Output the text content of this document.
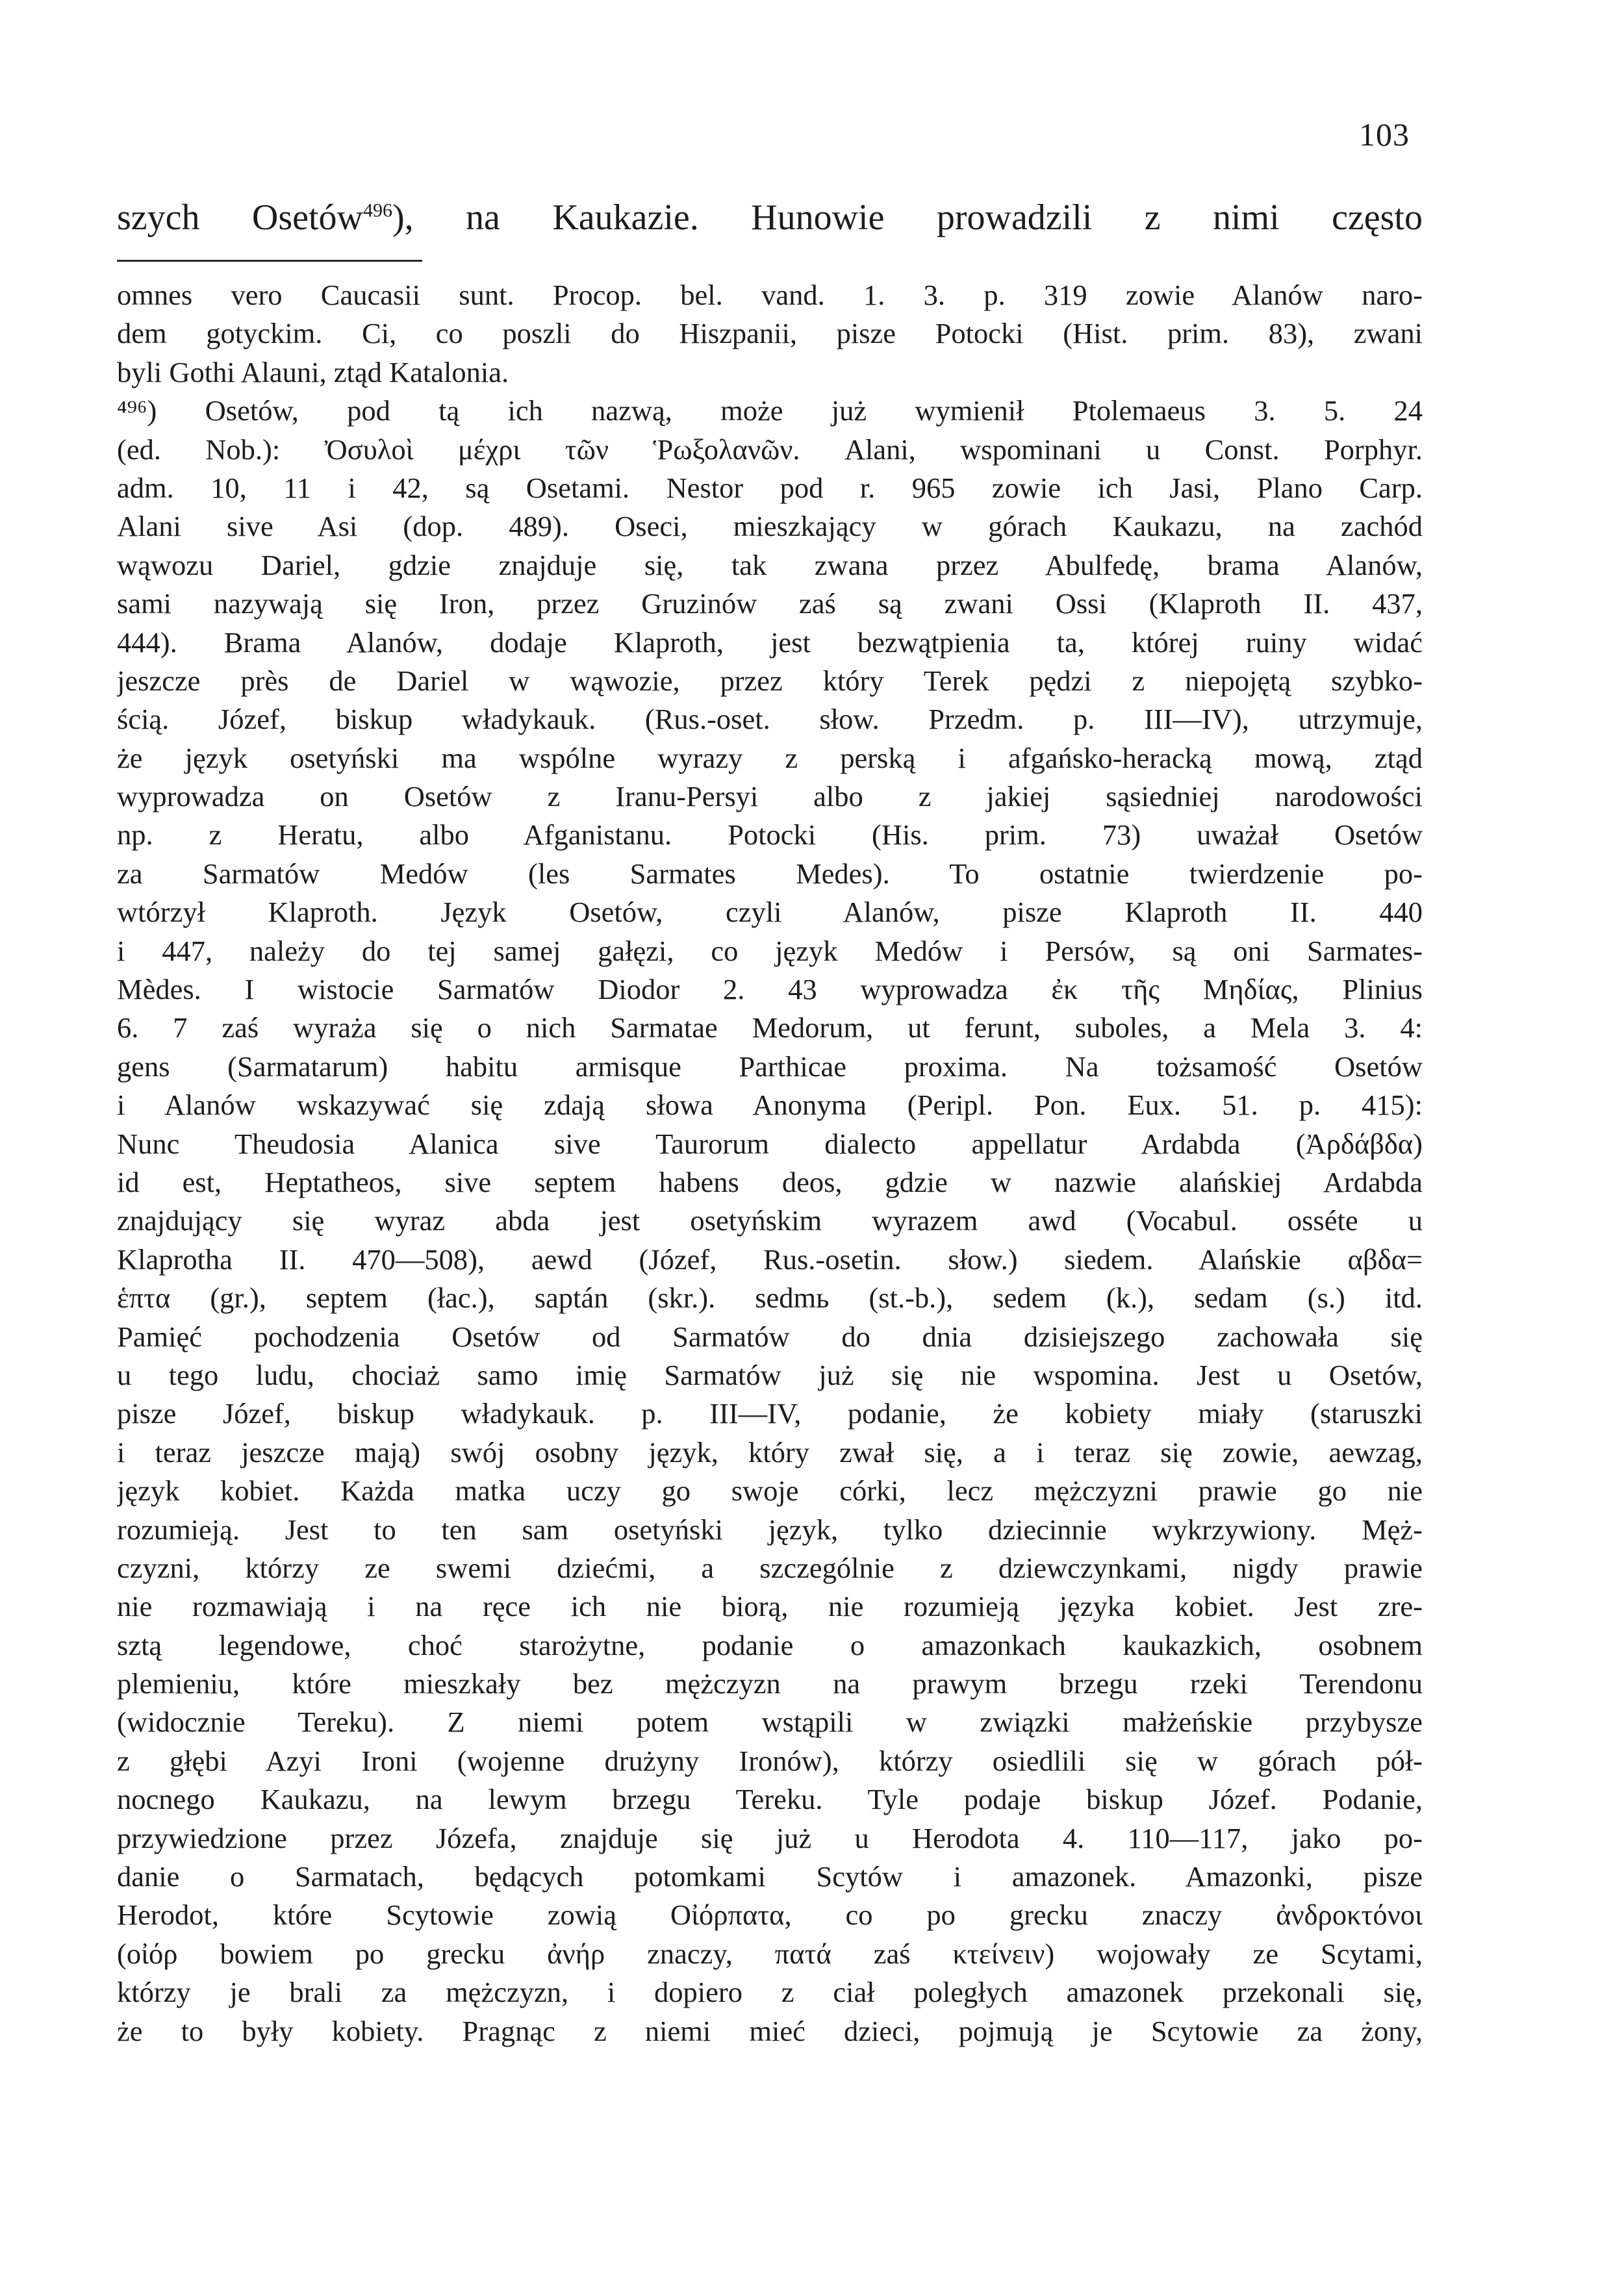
103
szych Osetów$^{496}$), na Kaukazie. Hunowie prowadzili z nimi często
omnes vero Caucasii sunt. Procop. bel. vand. 1. 3. p. 319 zowie Alanów naro-
dem gotyckim. Ci, co poszli do Hiszpanii, pisze Potocki (Hist. prim. 83), zwani
byli Gothi Alauni, ztąd Katalonia.
⁴⁹⁶) Osetów, pod tą ich nazwą, może już wymienił Ptolemaeus 3. 5. 24
(ed. Nob.): Ὀσυλοὶ μέχρι τῶν Ῥωξολανῶν. Alani, wspominani u Const. Porphyr.
adm. 10, 11 i 42, są Osetami. Nestor pod r. 965 zowie ich Jasi, Plano Carp.
Alani sive Asi (dop. 489). Oseci, mieszkający w górach Kaukazu, na zachód
wąwozu Dariel, gdzie znajduje się, tak zwana przez Abulfedę, brama Alanów,
sami nazywają się Iron, przez Gruzinów zaś są zwani Ossi (Klaproth II. 437,
444). Brama Alanów, dodaje Klaproth, jest bezwątpienia ta, której ruiny widać
jeszcze près de Dariel w wąwozie, przez który Terek pędzi z niepojętą szybko-
ścią. Józef, biskup władykauk. (Rus.-oset. słow. Przedm. p. III—IV), utrzymuje,
że język osetyński ma wspólne wyrazy z perską i afgańsko-heracką mową, ztąd
wyprowadza on Osetów z Iranu-Persyi albo z jakiej sąsiedniej narodowości
np. z Heratu, albo Afganistanu. Potocki (His. prim. 73) uważał Osetów
za Sarmatów Medów (les Sarmates Medes). To ostatnie twierdzenie po-
wtórzył Klaproth. Język Osetów, czyli Alanów, pisze Klaproth II. 440
i 447, należy do tej samej gałęzi, co język Medów i Persów, są oni Sarmates-
Mèdes. I wistocie Sarmatów Diodor 2. 43 wyprowadza ἐκ τῆς Μηδίας, Plinius
6. 7 zaś wyraża się o nich Sarmatae Medorum, ut ferunt, suboles, a Mela 3. 4:
gens (Sarmatarum) habitu armisque Parthicae proxima. Na tożsamość Osetów
i Alanów wskazywać się zdają słowa Anonyma (Peripl. Pon. Eux. 51. p. 415):
Nunc Theudosia Alanica sive Taurorum dialecto appellatur Ardabda (Ἀρδάβδα)
id est, Heptatheos, sive septem habens deos, gdzie w nazwie alańskiej Ardabda
znajdujący się wyraz abda jest osetyńskim wyrazem awd (Vocabul. osséte u
Klaprotha II. 470—508), aewd (Józef, Rus.-osetin. słow.) siedem. Alańskie αβδα=
ἑπτα (gr.), septem (łac.), saptán (skr.). sedmь (st.-b.), sedem (k.), sedam (s.) itd.
Pamięć pochodzenia Osetów od Sarmatów do dnia dzisiejszego zachowała się
u tego ludu, chociaż samo imię Sarmatów już się nie wspomina. Jest u Osetów,
pisze Józef, biskup władykauk. p. III—IV, podanie, że kobiety miały (staruszki
i teraz jeszcze mają) swój osobny język, który zwał się, a i teraz się zowie, aewzag,
język kobiet. Każda matka uczy go swoje córki, lecz mężczyzni prawie go nie
rozumieją. Jest to ten sam osetyński język, tylko dziecinnie wykrzywiony. Męż-
czyzni, którzy ze swemi dziećmi, a szczególnie z dziewczynkami, nigdy prawie
nie rozmawiają i na ręce ich nie biorą, nie rozumieją języka kobiet. Jest zre-
sztą legendowe, choć starożytne, podanie o amazonkach kaukazkich, osobnem
plemieniu, które mieszkały bez mężczyzn na prawym brzegu rzeki Terendonu
(widocznie Tereku). Z niemi potem wstąpili w związki małżeńskie przybysze
z głębi Azyi Ironi (wojenne drużyny Ironów), którzy osiedlili się w górach pół-
nocnego Kaukazu, na lewym brzegu Tereku. Tyle podaje biskup Józef. Podanie,
przywiedzione przez Józefa, znajduje się już u Herodota 4. 110—117, jako po-
danie o Sarmatach, będących potomkami Scytów i amazonek. Amazonki, pisze
Herodot, które Scytowie zowią Οἰόρπατα, co po grecku znaczy ἀνδροκτόνοι
(οἰόρ bowiem po grecku ἀνήρ znaczy, πατά zaś κτείνειν) wojowały ze Scytami,
którzy je brali za mężczyzn, i dopiero z ciał poległych amazonek przekonali się,
że to były kobiety. Pragnąc z niemi mieć dzieci, pojmują je Scytowie za żony,
